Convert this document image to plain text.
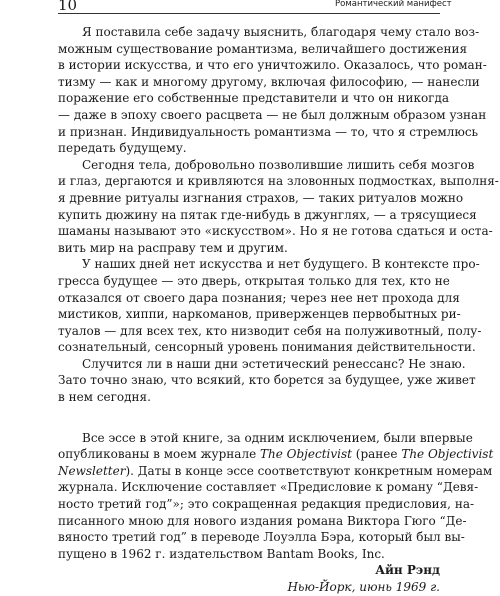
10	Романтический манифест
Я поставила себе задачу выяснить, благодаря чему стало воз-
можным существование романтизма, величайшего достижения
в истории искусства, и что его уничтожило. Оказалось, что роман-
тизму — как и многому другому, включая философию, — нанесли
поражение его собственные представители и что он никогда
— даже в эпоху своего расцвета — не был должным образом узнан
и признан. Индивидуальность романтизма — то, что я стремлюсь
передать будущему.
Сегодня тела, добровольно позволившие лишить себя мозгов
и глаз, дергаются и кривляются на зловонных подмостках, выполня-
я древние ритуалы изгнания страхов, — таких ритуалов можно
купить дюжину на пятак где-нибудь в джунглях, — а трясущиеся
шаманы называют это «искусством». Но я не готова сдаться и оста-
вить мир на расправу тем и другим.
У наших дней нет искусства и нет будущего. В контексте про-
гресса будущее — это дверь, открытая только для тех, кто не
отказался от своего дара познания; через нее нет прохода для
мистиков, хиппи, наркоманов, приверженцев первобытных ри-
туалов — для всех тех, кто низводит себя на полуживотный, полу-
сознательный, сенсорный уровень понимания действительности.
Случится ли в наши дни эстетический ренессанс? Не знаю.
Зато точно знаю, что всякий, кто борется за будущее, уже живет
в нем сегодня.
Все эссе в этой книге, за одним исключением, были впервые
опубликованы в моем журнале The Objectivist (ранее The Objectivist
Newsletter). Даты в конце эссе соответствуют конкретным номерам
журнала. Исключение составляет «Предисловие к роману “Девя-
носто третий год”»; это сокращенная редакция предисловия, на-
писанного мною для нового издания романа Виктора Гюго “Де-
вяносто третий год” в переводе Лоуэлла Бэра, который был вы-
пущено в 1962 г. издательством Bantam Books, Inc.
Айн Рэнд
Нью-Йорк, июнь 1969 г.
